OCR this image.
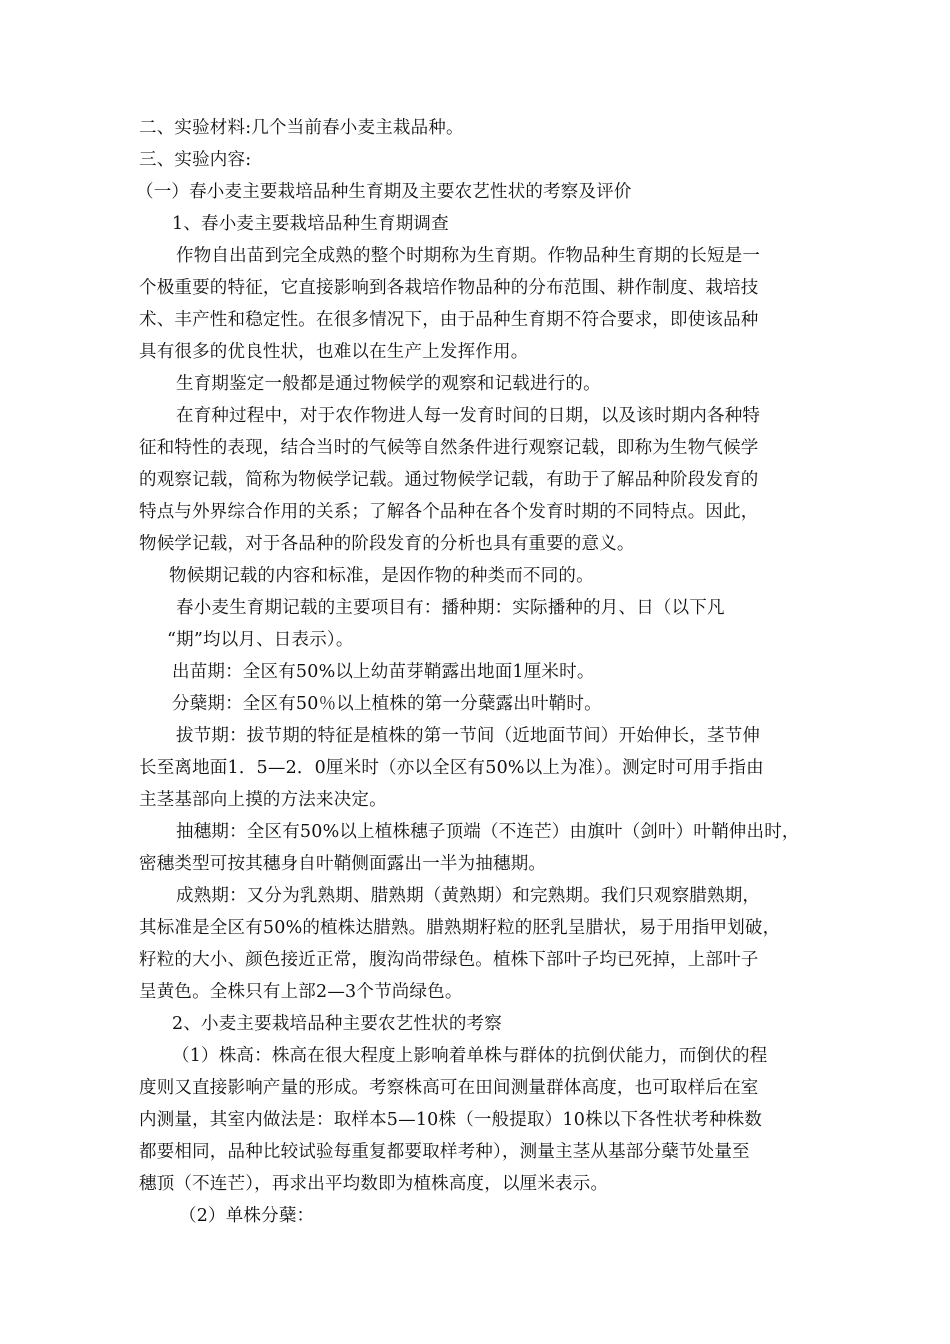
二、实验材料:几个当前春小麦主栽品种。
三、实验内容:
（一）春小麦主要栽培品种生育期及主要农艺性状的考察及评价
1、春小麦主要栽培品种生育期调查
作物自出苗到完全成熟的整个时期称为生育期。作物品种生育期的长短是一
个极重要的特征，它直接影响到各栽培作物品种的分布范围、耕作制度、栽培技
术、丰产性和稳定性。在很多情况下，由于品种生育期不符合要求，即使该品种
具有很多的优良性状，也难以在生产上发挥作用。
生育期鉴定一般都是通过物候学的观察和记载进行的。
在育种过程中，对于农作物进人每一发育时间的日期，以及该时期内各种特
征和特性的表现，结合当时的气候等自然条件进行观察记载，即称为生物气候学
的观察记载，简称为物候学记载。通过物候学记载，有助于了解品种阶段发育的
特点与外界综合作用的关系；了解各个品种在各个发育时期的不同特点。因此，
物候学记载，对于各品种的阶段发育的分析也具有重要的意义。
物候期记载的内容和标准，是因作物的种类而不同的。
春小麦生育期记载的主要项目有：播种期：实际播种的月、日（以下凡
“期”均以月、日表示）。
出苗期：全区有50%以上幼苗芽鞘露出地面1厘米时。
分蘖期：全区有50％以上植株的第一分蘖露出叶鞘时。
拔节期：拔节期的特征是植株的第一节间（近地面节间）开始伸长，茎节伸
长至离地面1．5—2．0厘米时（亦以全区有50%以上为准）。测定时可用手指由
主茎基部向上摸的方法来决定。
抽穗期：全区有50%以上植株穗子顶端（不连芒）由旗叶（剑叶）叶鞘伸出时，
密穗类型可按其穗身自叶鞘侧面露出一半为抽穗期。
成熟期：又分为乳熟期、腊熟期（黄熟期）和完熟期。我们只观察腊熟期，
其标准是全区有50%的植株达腊熟。腊熟期籽粒的胚乳呈腊状，易于用指甲划破，
籽粒的大小、颜色接近正常，腹沟尚带绿色。植株下部叶子均已死掉，上部叶子
呈黄色。全株只有上部2—3个节尚绿色。
2、小麦主要栽培品种主要农艺性状的考察
（1）株高：株高在很大程度上影响着单株与群体的抗倒伏能力，而倒伏的程
度则又直接影响产量的形成。考察株高可在田间测量群体高度，也可取样后在室
内测量，其室内做法是：取样本5—10株（一般提取）10株以下各性状考种株数
都要相同，品种比较试验每重复都要取样考种），测量主茎从基部分蘖节处量至
穗顶（不连芒），再求出平均数即为植株高度，以厘米表示。
（2）单株分蘖：
